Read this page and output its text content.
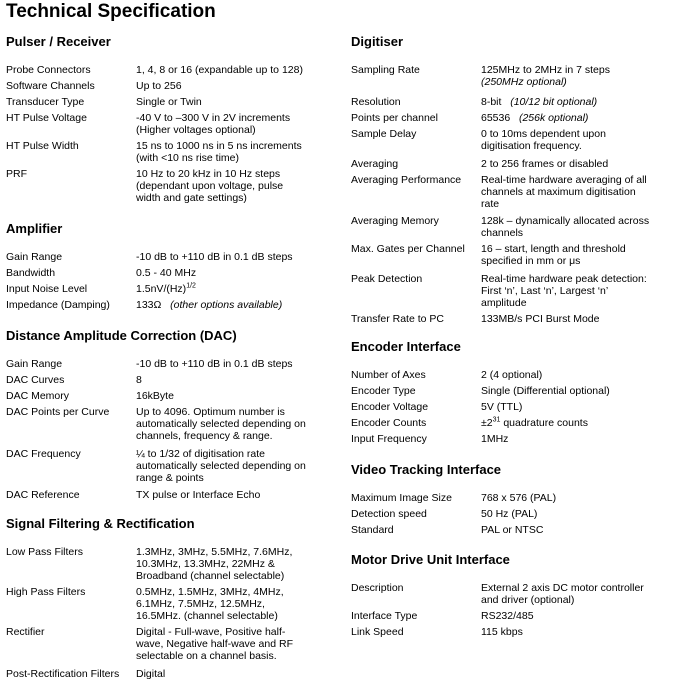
Technical Specification
Pulser / Receiver
Probe Connectors	1, 4, 8 or 16 (expandable up to 128)
Software Channels	Up to 256
Transducer Type	Single or Twin
HT Pulse Voltage	-40 V to –300 V in 2V increments
(Higher voltages optional)
HT Pulse Width	15 ns to 1000 ns in 5 ns increments
(with <10 ns rise time)
PRF	10 Hz to 20 kHz in 10 Hz steps
(dependant upon voltage, pulse
width and gate settings)
Amplifier
Gain Range	-10 dB to +110 dB in 0.1 dB steps
Bandwidth	0.5 - 40 MHz
Input Noise Level	$1.5nV/(Hz)^{1/2}$
Impedance (Damping) 133Ω (other options available)
Distance Amplitude Correction (DAC)
Gain Range	-10 dB to +110 dB in 0.1 dB steps
DAC Curves	8
DAC Memory	16kByte
DAC Points per Curve	Up to 4096. Optimum number is
automatically selected depending on
channels, frequency & range.
DAC Frequency	¼ to 1/32 of digitisation rate
automatically selected depending on
range & points
DAC Reference	TX pulse or Interface Echo
Signal Filtering & Rectification
Low Pass Filters	1.3MHz, 3MHz, 5.5MHz, 7.6MHz,
10.3MHz, 13.3MHz, 22MHz &
Broadband (channel selectable)
High Pass Filters	0.5MHz, 1.5MHz, 3MHz, 4MHz,
6.1MHz, 7.5MHz, 12.5MHz,
16.5MHz. (channel selectable)
Rectifier	Digital - Full-wave, Positive half-
wave, Negative half-wave and RF
selectable on a channel basis.
Post-Rectification Filters Digital
Digitiser
Sampling Rate	125MHz to 2MHz in 7 steps
(250MHz optional)
Resolution	8-bit (10/12 bit optional)
Points per channel	65536 (256k optional)
Sample Delay	0 to 10ms dependent upon
digitisation frequency.
Averaging	2 to 256 frames or disabled
Averaging Performance Real-time hardware averaging of all
channels at maximum digitisation
rate
Averaging Memory	128k – dynamically allocated across
channels
Max. Gates per Channel 16 – start, length and threshold
specified in mm or μs
Peak Detection	Real-time hardware peak detection:
First ‘n’, Last ‘n’, Largest ‘n’
amplitude
Transfer Rate to PC	133MB/s PCI Burst Mode
Encoder Interface
Number of Axes	2 (4 optional)
Encoder Type	Single (Differential optional)
Encoder Voltage	5V (TTL)
Encoder Counts	$\pm 2^{31}$ quadrature counts
Input Frequency	1MHz
Video Tracking Interface
Maximum Image Size	768 x 576 (PAL)
Detection speed	50 Hz (PAL)
Standard	PAL or NTSC
Motor Drive Unit Interface
Description	External 2 axis DC motor controller
and driver (optional)
Interface Type	RS232/485
Link Speed	115 kbps
